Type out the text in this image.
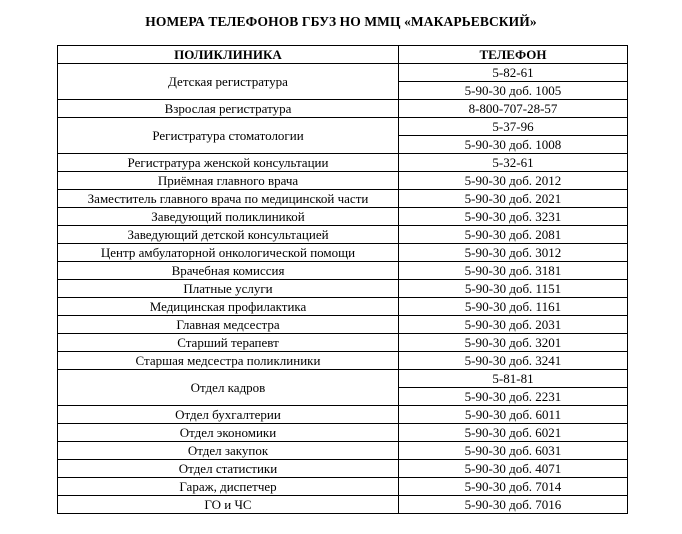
НОМЕРА ТЕЛЕФОНОВ ГБУЗ НО ММЦ «МАКАРЬЕВСКИЙ»
ПОЛИКЛИНИКА	ТЕЛЕФОН
Детская регистратура	5-82-61
	5-90-30 доб. 1005
Взрослая регистратура	8-800-707-28-57
Регистратура стоматологии	5-37-96
	5-90-30 доб. 1008
Регистратура женской консультации	5-32-61
Приёмная главного врача	5-90-30 доб. 2012
Заместитель главного врача по медицинской части	5-90-30 доб. 2021
Заведующий поликлиникой	5-90-30 доб. 3231
Заведующий детской консультацией	5-90-30 доб. 2081
Центр амбулаторной онкологической помощи	5-90-30 доб. 3012
Врачебная комиссия	5-90-30 доб. 3181
Платные услуги	5-90-30 доб. 1151
Медицинская профилактика	5-90-30 доб. 1161
Главная медсестра	5-90-30 доб. 2031
Старший терапевт	5-90-30 доб. 3201
Старшая медсестра поликлиники	5-90-30 доб. 3241
Отдел кадров	5-81-81
	5-90-30 доб. 2231
Отдел бухгалтерии	5-90-30 доб. 6011
Отдел экономики	5-90-30 доб. 6021
Отдел закупок	5-90-30 доб. 6031
Отдел статистики	5-90-30 доб. 4071
Гараж, диспетчер	5-90-30 доб. 7014
ГО и ЧС	5-90-30 доб. 7016
